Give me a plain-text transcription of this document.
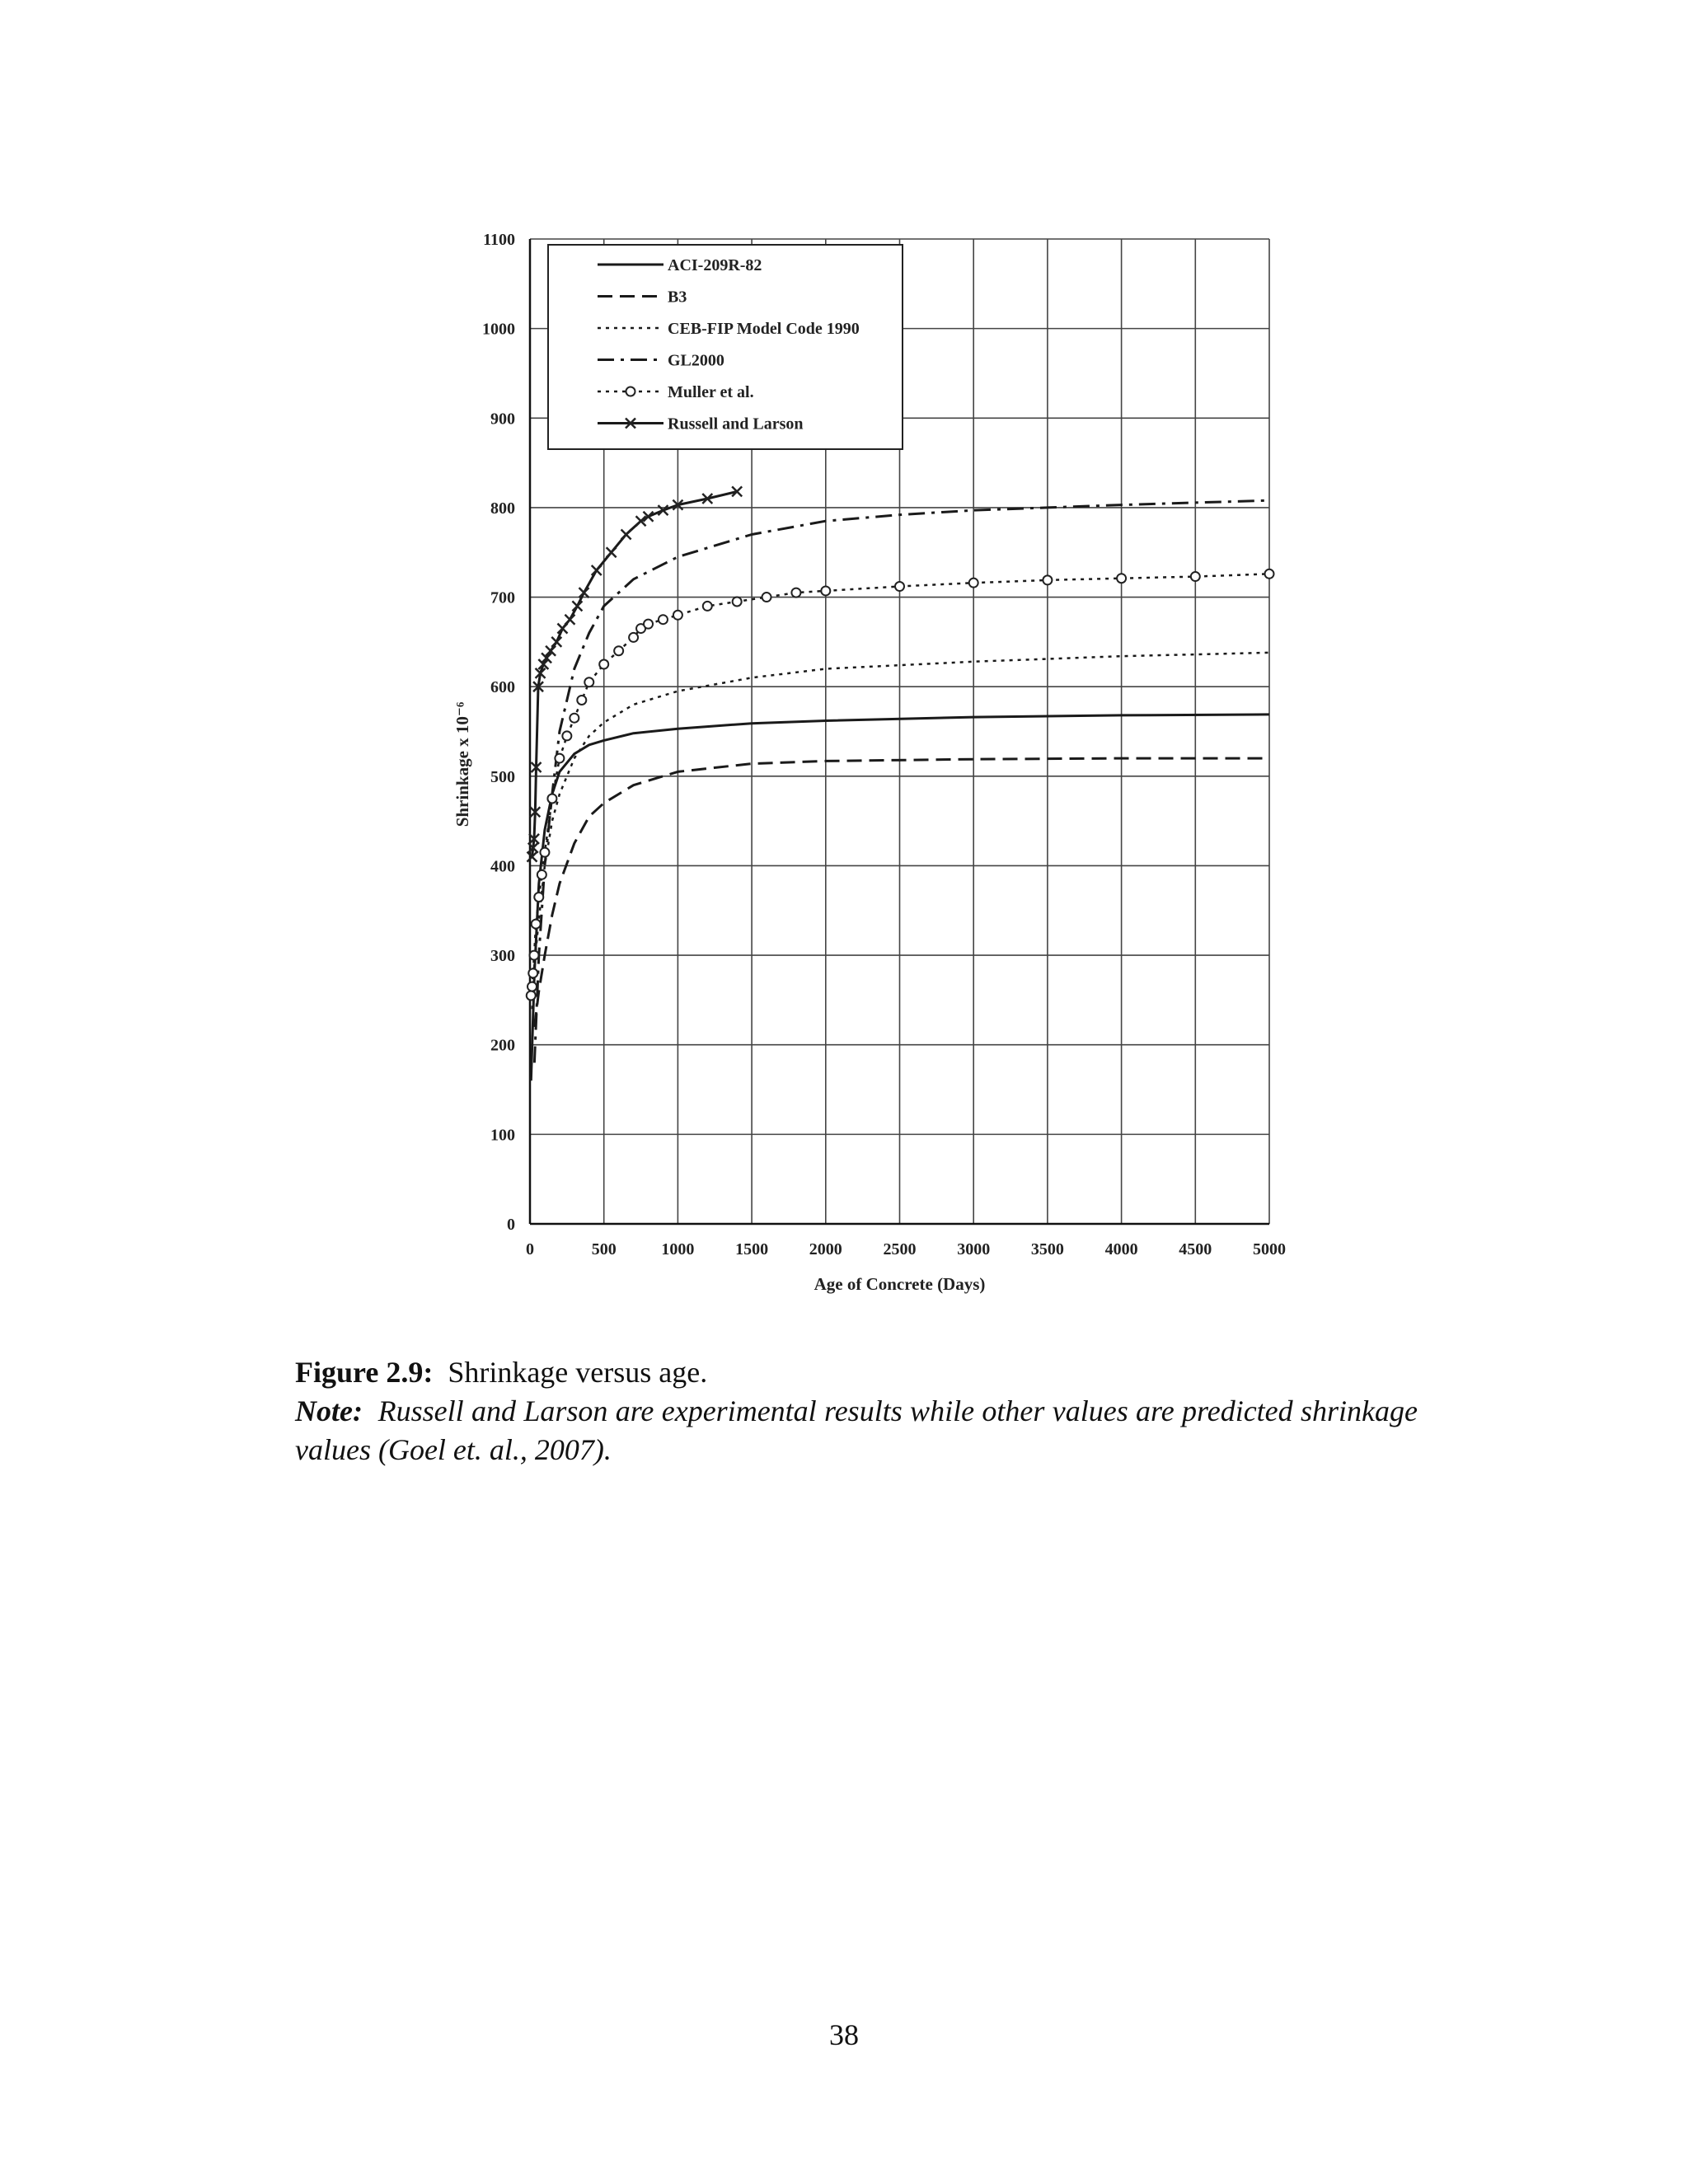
0	500	1000 1500 2000 2500 3000 3500 4000 4500 5000
0
100
200
300
400
500
600
700
800
900
1000
1100
Age of Concrete (Days)
Shrinkage x 10⁻⁶
ACI-209R-82
B3
CEB-FIP Model Code 1990
GL2000
Muller et al.
Russell and Larson
Figure 2.9: Shrinkage versus age.
Note: Russell and Larson are experimental results while other values are predicted shrinkage values (Goel et. al., 2007).
38
